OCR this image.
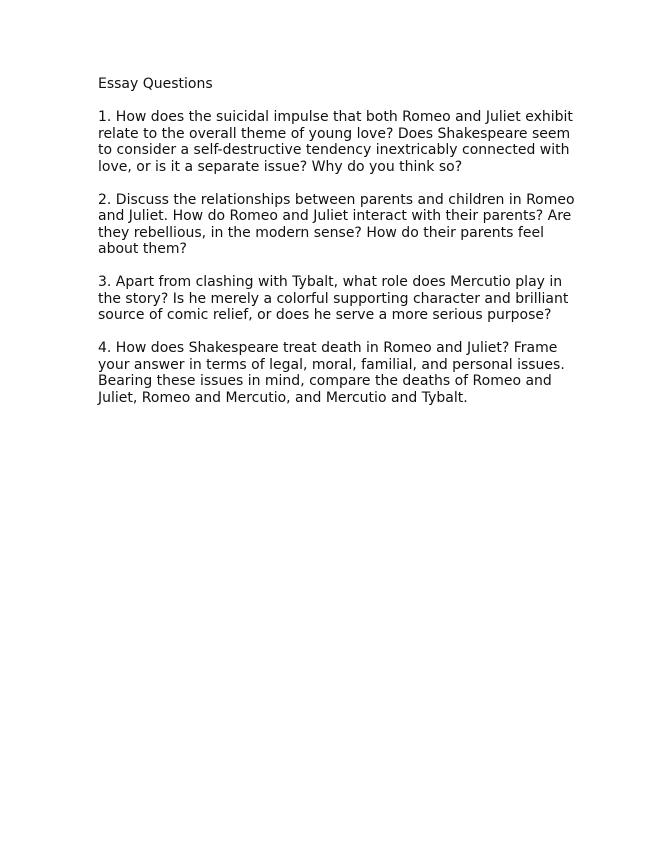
Essay Questions

1. How does the suicidal impulse that both Romeo and Juliet exhibit relate to the overall theme of young love? Does Shakespeare seem to consider a self-destructive tendency inextricably connected with love, or is it a separate issue? Why do you think so?

2. Discuss the relationships between parents and children in Romeo and Juliet. How do Romeo and Juliet interact with their parents? Are they rebellious, in the modern sense? How do their parents feel about them?

3. Apart from clashing with Tybalt, what role does Mercutio play in the story? Is he merely a colorful supporting character and brilliant source of comic relief, or does he serve a more serious purpose?

4. How does Shakespeare treat death in Romeo and Juliet? Frame your answer in terms of legal, moral, familial, and personal issues. Bearing these issues in mind, compare the deaths of Romeo and Juliet, Romeo and Mercutio, and Mercutio and Tybalt.
